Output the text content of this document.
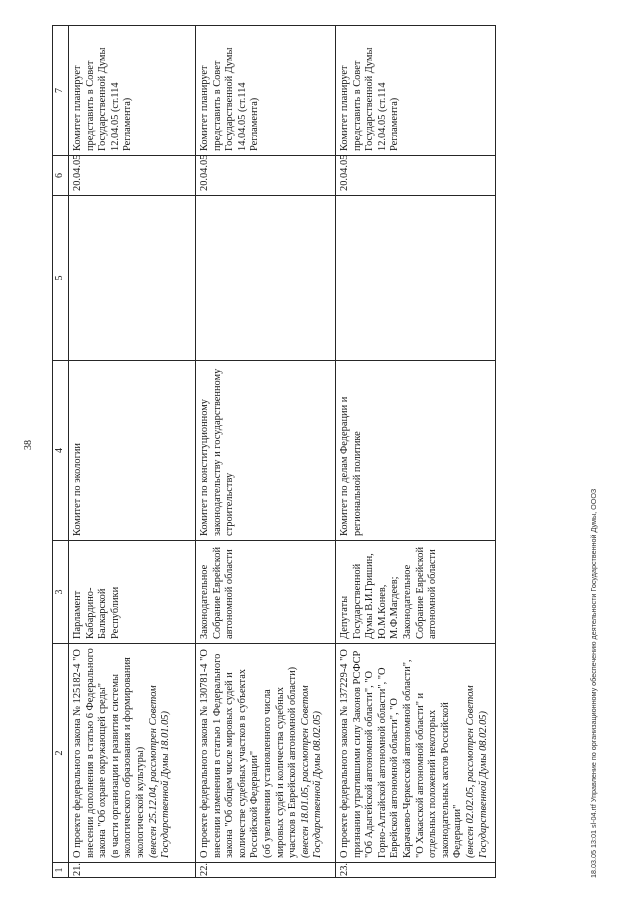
38
1	2	3	4	5	6	7
21.	О проекте федерального закона № 125182-4 "О внесении дополнения в статью 6 Федерального закона "Об охране окружающей среды" (в части организации и развития системы экологического образования и формирования экологической культуры) (внесен 25.12.04, рассмотрен Советом Государственной Думы 18.01.05)	Парламент Кабардино-Балкарской Республики	Комитет по экологии		20.04.05	Комитет планирует представить в Совет Государственной Думы 12.04.05 (ст.114 Регламента)
22.	О проекте федерального закона № 130781-4 "О внесении изменения в статью 1 Федерального закона "Об общем числе мировых судей и количестве судебных участков в субъектах Российской Федерации" (об увеличении установленного числа мировых судей и количества судебных участков в Еврейской автономной области) (внесен 18.01.05, рассмотрен Советом Государственной Думы 08.02.05)	Законодательное Собрание Еврейской автономной области	Комитет по конституционному законодательству и государственному строительству		20.04.05	Комитет планирует представить в Совет Государственной Думы 14.04.05 (ст.114 Регламента)
23.	О проекте федерального закона № 137229-4 "О признании утратившими силу Законов РСФСР "Об Адыгейской автономной области", "О Горно-Алтайской автономной области", "О Еврейской автономной области", "О Карачаево-Черкесской автономной области", "О Хакасской автономной области" и отдельных положений некоторых законодательных актов Российской Федерации" (внесен 02.02.05, рассмотрен Советом Государственной Думы 08.02.05)	Депутаты Государственной Думы В.И.Гришин, Ю.М.Конев, М.Ф.Магдеев; Законодательное Собрание Еврейской автономной области	Комитет по делам Федерации и региональной политике		20.04.05	Комитет планирует представить в Совет Государственной Думы 12.04.05 (ст.114 Регламента)
18.03.05 13:01 sl-04.rtf Управление по организационному обеспечению деятельности Государственной Думы, ОООЗ
